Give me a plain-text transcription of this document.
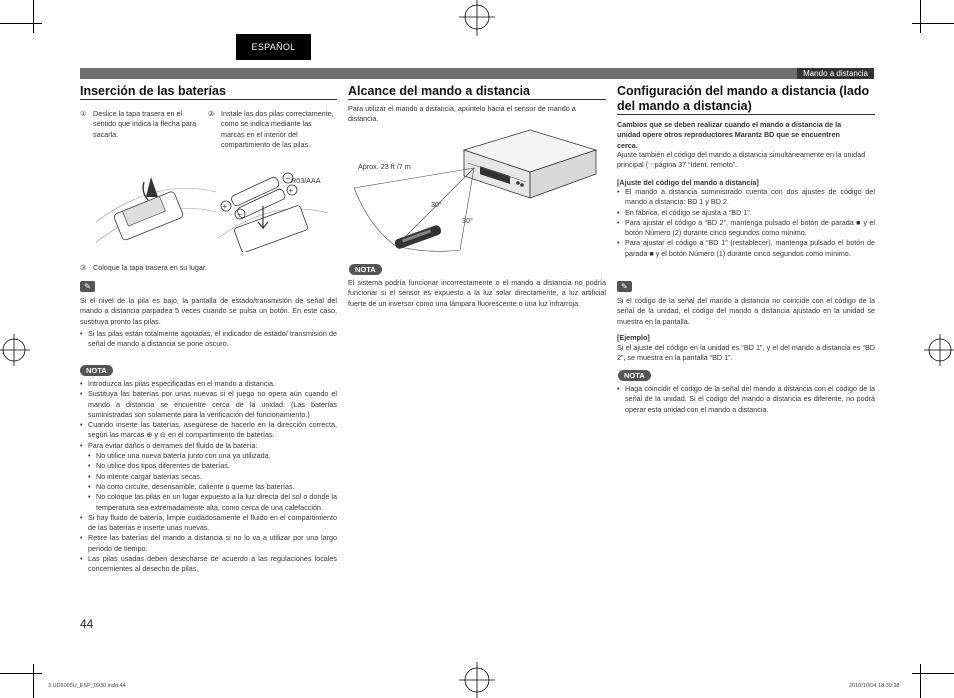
ESPAÑOL
Mando a distancia
Inserción de las baterías
① Deslice la tapa trasera en el sentido que indica la flecha para sacarla.
② Instale las dos pilas correctamente, como se indica mediante las marcas en el interior del compartimiento de las pilas.
+
−
−
+
R03/AAA
③ Coloque la tapa trasera en su lugar.
✎
Si el nivel de la pila es bajo, la pantalla de estado/transmisión de señal del mando a distancia parpadea 5 veces cuando se pulsa un botón. En este caso, sustituya pronto las pilas.
• Si las pilas están totalmente agotadas, el indicador de estado/ transmisión de señal de mando a distancia se pone oscuro.
NOTA
• Introduzca las pilas especificadas en el mando a distancia.
• Sustituya las baterías por unas nuevas si el juego no opera aún cuando el mando a distancia se encuentre cerca de la unidad. (Las baterías suministradas son solamente para la verificación del funcionamiento.)
• Cuando inserte las baterías, asegúrese de hacerlo en la dirección correcta, según las marcas ⊕ y ⊖ en el compartimiento de baterías.
• Para evitar daños o derrames del fluido de la batería:
• No utilice una nueva batería junto con una ya utilizada.
• No utilice dos tipos diferentes de baterías.
• No intente cargar baterías secas.
• No corto circuite, desensamble, caliente o queme las baterías.
• No coloque las pilas en un lugar expuesto a la luz directa del sol o donde la temperatura sea extremadamente alta, como cerca de una calefacción.
• Si hay fluido de batería, limpie cuidadosamente el fluido en el compartimiento de las baterías e inserte unas nuevas.
• Retire las baterías del mando a distancia si no lo va a utilizar por una largo periodo de tiempo.
• Las pilas usadas deben desecharse de acuerdo a las regulaciones locales concernientes al desecho de pilas.
44
Alcance del mando a distancia
Para utilizar el mando a distancia, apúntelo hacia el sensor de mando a distancia.
Aprox. 23 ft /7 m
30°
30°
NOTA
El sistema podría funcionar incorrectamente o el mando a distancia no podría funcionar si el sensor es expuesto a la luz solar directamente, a luz artificial fuerte de un inversor como una lámpara fluorescente o una luz infrarroja.
Configuración del mando a distancia (lado del mando a distancia)
Cambios que se deben realizar cuando el mando a distancia de la unidad opere otros reproductores Marantz BD que se encuentren cerca.
Ajuste también el código del mando a distancia simultáneamente en la unidad principal (☞página 37 “Ident. remoto”.
[Ajuste del código del mando a distancia]
• El mando a distancia suministrado cuenta con dos ajustes de código del mando a distancia: BD 1 y BD 2.
• En fábrica, el código se ajusta a “BD 1”.
• Para ajustar el código a “BD 2”, mantenga pulsado el botón de parada ■ y el botón Número (2) durante cinco segundos como mínimo.
• Para ajustar el código a “BD 1” (restablecer), mantenga pulsado el botón de parada ■ y el botón Número (1) durante cinco segundos como mínimo.
✎
Si el código de la señal del mando a distancia no coincide con el código de la señal de la unidad, el código del mando a distancia ajustado en la unidad se muestra en la pantalla.
[Ejemplo]
Si el ajuste del código en la unidad es “BD 1”, y el del mando a distancia es “BD 2”, se muestra en la pantalla “BD 1”.
NOTA
• Haga coincidir el código de la señal del mando a distancia con el código de la señal de la unidad. Si el código del mando a distancia es diferente, no podrá operar esta unidad con el mando a distancia.
3.UD5005U_ESP_0930.indd 44	2010/10/04 18:39:38
